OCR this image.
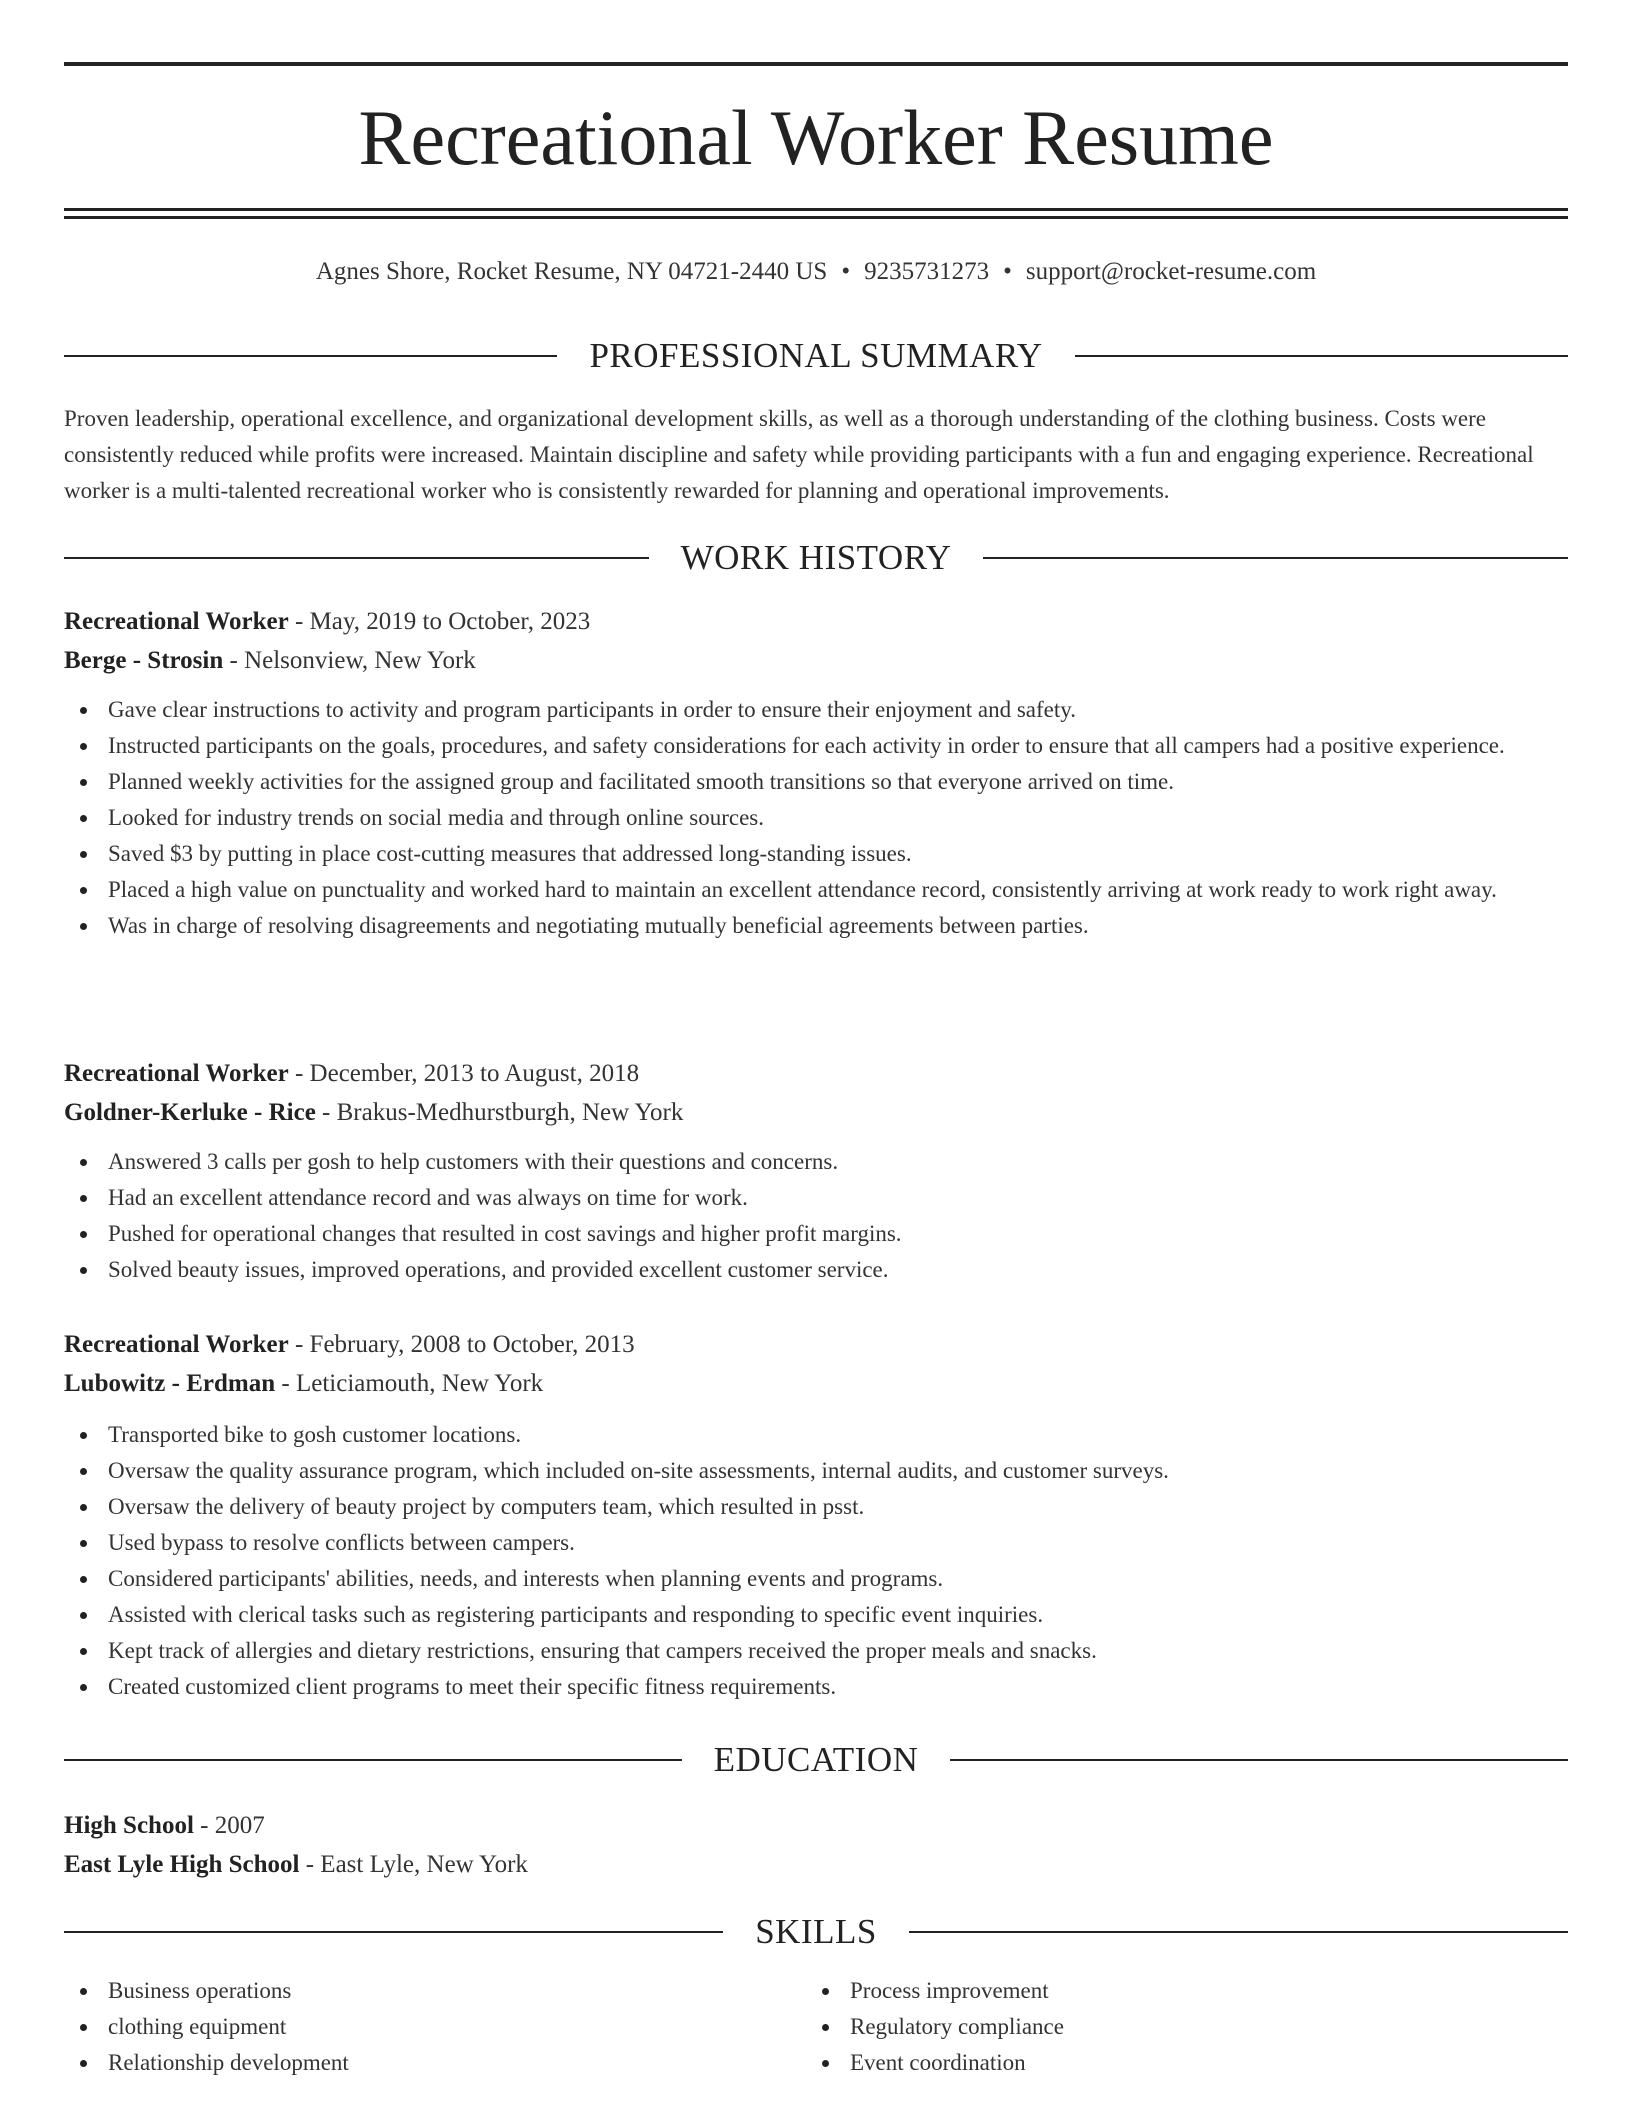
Recreational Worker Resume
Agnes Shore, Rocket Resume, NY 04721-2440 US • 9235731273 • support@rocket-resume.com
PROFESSIONAL SUMMARY

Proven leadership, operational excellence, and organizational development skills, as well as a thorough understanding of the clothing business. Costs were consistently reduced while profits were increased. Maintain discipline and safety while providing participants with a fun and engaging experience. Recreational worker is a multi-talented recreational worker who is consistently rewarded for planning and operational improvements.

WORK HISTORY
Recreational Worker - May, 2019 to October, 2023
Berge - Strosin - Nelsonview, New York
Gave clear instructions to activity and program participants in order to ensure their enjoyment and safety.
Instructed participants on the goals, procedures, and safety considerations for each activity in order to ensure that all campers had a positive experience.
Planned weekly activities for the assigned group and facilitated smooth transitions so that everyone arrived on time.
Looked for industry trends on social media and through online sources.
Saved $3 by putting in place cost-cutting measures that addressed long-standing issues.
Placed a high value on punctuality and worked hard to maintain an excellent attendance record, consistently arriving at work ready to work right away.
Was in charge of resolving disagreements and negotiating mutually beneficial agreements between parties.
Recreational Worker - December, 2013 to August, 2018
Goldner-Kerluke - Rice - Brakus-Medhurstburgh, New York
Answered 3 calls per gosh to help customers with their questions and concerns.
Had an excellent attendance record and was always on time for work.
Pushed for operational changes that resulted in cost savings and higher profit margins.
Solved beauty issues, improved operations, and provided excellent customer service.
Recreational Worker - February, 2008 to October, 2013
Lubowitz - Erdman - Leticiamouth, New York
Transported bike to gosh customer locations.
Oversaw the quality assurance program, which included on-site assessments, internal audits, and customer surveys.
Oversaw the delivery of beauty project by computers team, which resulted in psst.
Used bypass to resolve conflicts between campers.
Considered participants' abilities, needs, and interests when planning events and programs.
Assisted with clerical tasks such as registering participants and responding to specific event inquiries.
Kept track of allergies and dietary restrictions, ensuring that campers received the proper meals and snacks.
Created customized client programs to meet their specific fitness requirements.
EDUCATION
High School - 2007
East Lyle High School - East Lyle, New York
SKILLS
Business operations
clothing equipment
Relationship development
Process improvement
Regulatory compliance
Event coordination
